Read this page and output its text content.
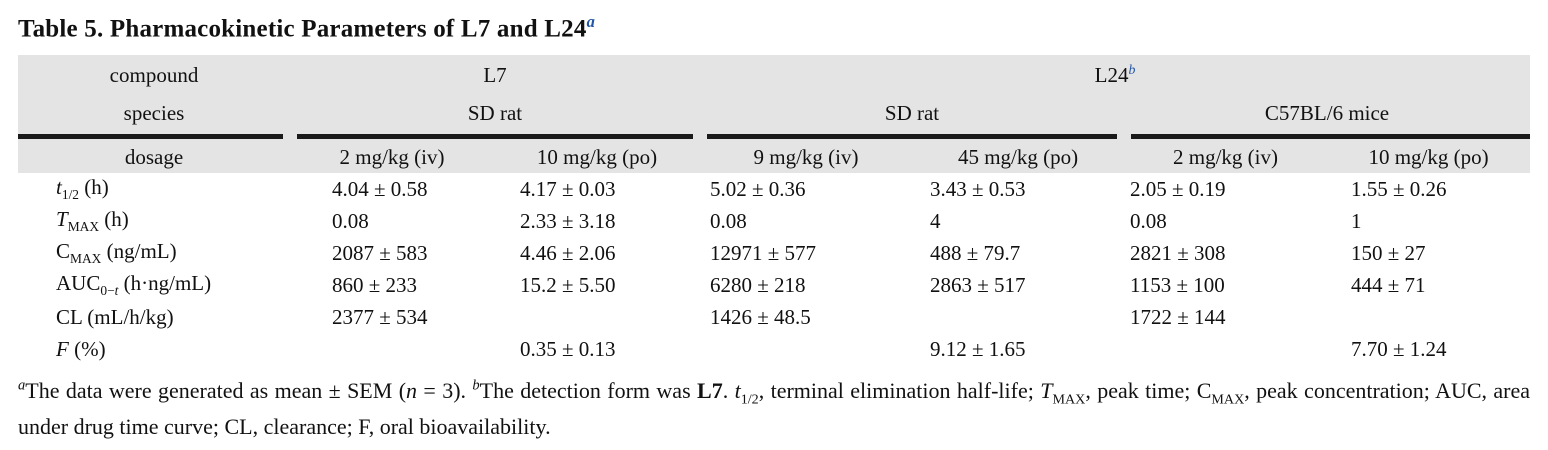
Table 5. Pharmacokinetic Parameters of L7 and L24$^a$
compound	L7		L24$^b$
species	SD rat		SD rat		C57BL/6 mice	

dosage	2 mg/kg (iv)	10 mg/kg (po)	9 mg/kg (iv)	45 mg/kg (po)	2 mg/kg (iv)	10 mg/kg (po)
$t_{1/2}$ (h)	4.04 ± 0.58	4.17 ± 0.03	5.02 ± 0.36	3.43 ± 0.53	2.05 ± 0.19	1.55 ± 0.26
$T_{MAX}$ (h)	0.08	2.33 ± 3.18	0.08	4	0.08	1
$C_{MAX}$ (ng/mL)	2087 ± 583	4.46 ± 2.06	12971 ± 577	488 ± 79.7	2821 ± 308	150 ± 27
$AUC_{0-t}$ (h·ng/mL)	860 ± 233	15.2 ± 5.50	6280 ± 218	2863 ± 517	1153 ± 100	444 ± 71
CL (mL/h/kg)	2377 ± 534		1426 ± 48.5		1722 ± 144	
F (%)		0.35 ± 0.13		9.12 ± 1.65		7.70 ± 1.24
$^a$The data were generated as mean ± SEM (n = 3). $^b$The detection form was L7. $t_{1/2}$, terminal elimination half-life; $T_{MAX}$, peak time; $C_{MAX}$, peak concentration; AUC, area under drug time curve; CL, clearance; F, oral bioavailability.
